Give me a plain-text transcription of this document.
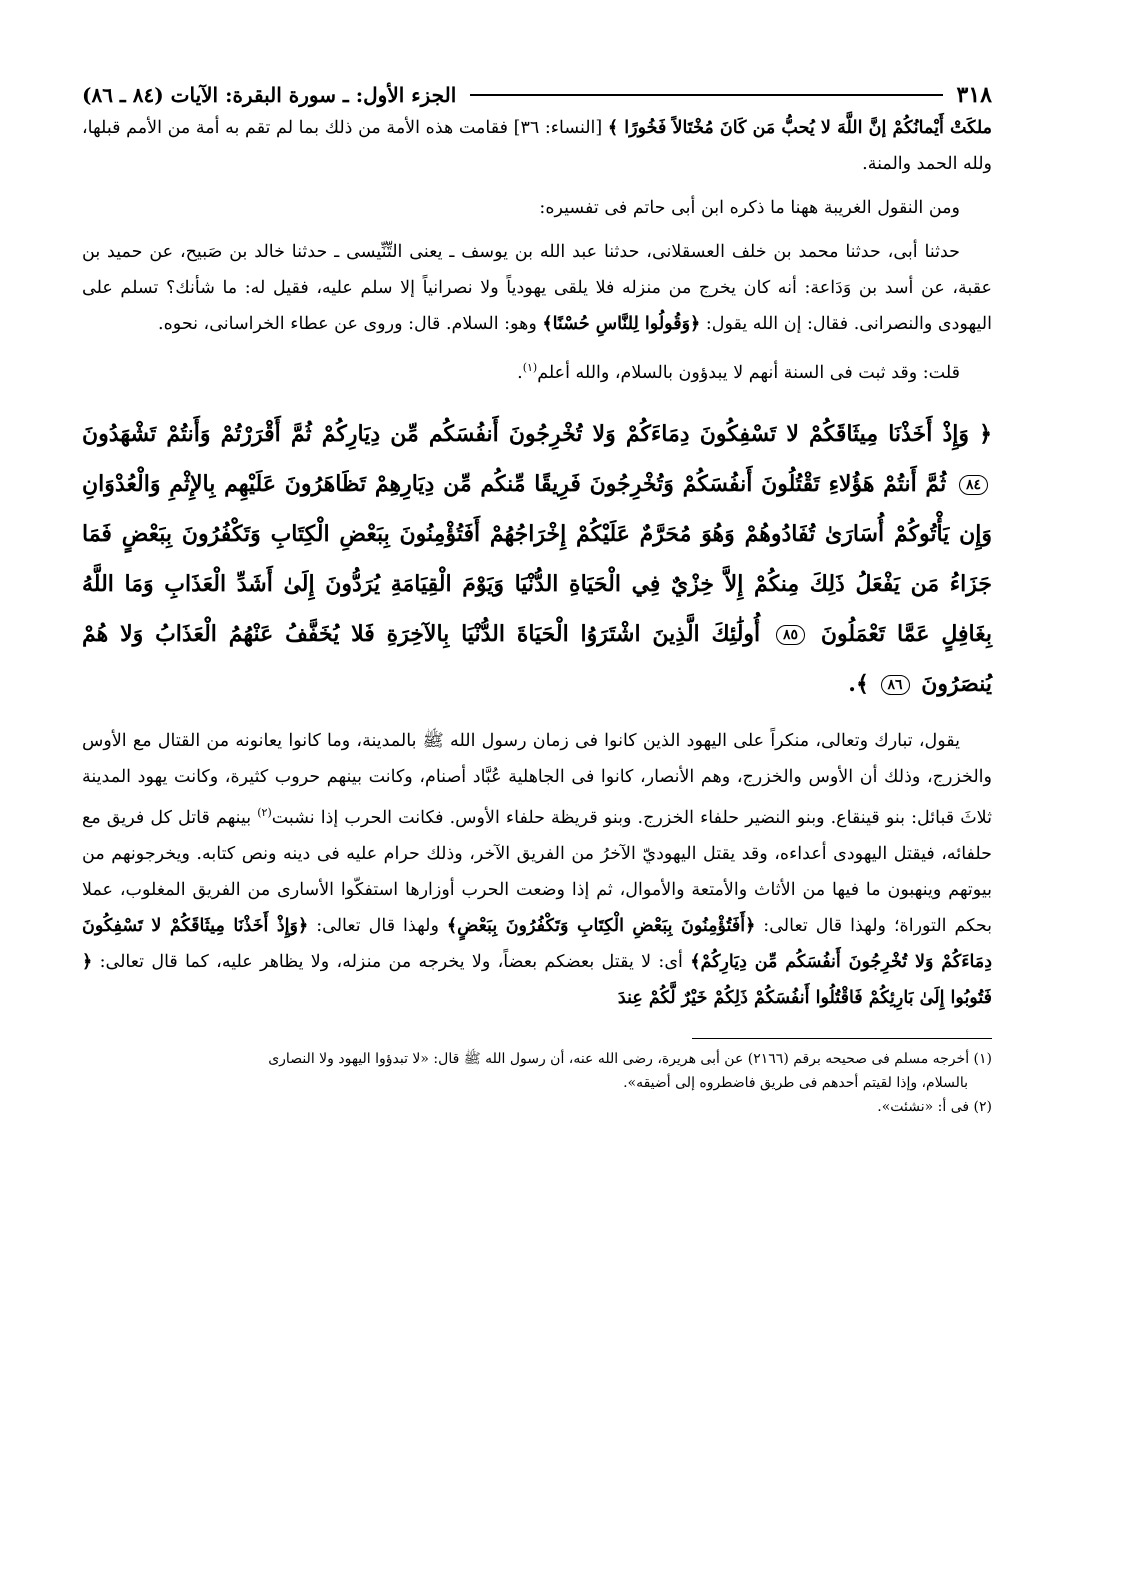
٣١٨
الجزء الأول: ـ سورة البقرة: الآيات (٨٤ ـ ٨٦)

ملكَتْ أَيْمانُكُمْ إنَّ اللَّهَ لا يُحبُّ مَن كَانَ مُخْتَالاً فَخُورًا ﴾ [النساء: ٣٦] فقامت هذه الأمة من ذلك بما لم تقم به أمة من الأمم قبلها، ولله الحمد والمنة.

ومن النقول الغريبة ههنا ما ذكره ابن أبى حاتم فى تفسيره:

حدثنا أبى، حدثنا محمد بن خلف العسقلانى، حدثنا عبد الله بن يوسف ـ يعنى التِّنِّيسى ـ حدثنا خالد بن صَبيح، عن حميد بن عقبة، عن أسد بن وَدَاعة: أنه كان يخرج من منزله فلا يلقى يهودياً ولا نصرانياً إلا سلم عليه، فقيل له: ما شأنك؟ تسلم على اليهودى والنصرانى. فقال: إن الله يقول: ﴿وَقُولُوا لِلنَّاسِ حُسْنًا﴾ وهو: السلام. قال: وروى عن عطاء الخراسانى، نحوه.

قلت: وقد ثبت فى السنة أنهم لا يبدؤون بالسلام، والله أعلم$^{(١)}$.

﴿ وَإِذْ أَخَذْنَا مِيثَاقَكُمْ لا تَسْفِكُونَ دِمَاءَكُمْ وَلا تُخْرِجُونَ أَنفُسَكُم مِّن دِيَارِكُمْ ثُمَّ أَقْرَرْتُمْ وَأَنتُمْ تَشْهَدُونَ ٨٤ ثُمَّ أَنتُمْ هَؤُلاءِ تَقْتُلُونَ أَنفُسَكُمْ وَتُخْرِجُونَ فَرِيقًا مِّنكُم مِّن دِيَارِهِمْ تَظَاهَرُونَ عَلَيْهِم بِالإِثْمِ وَالْعُدْوَانِ وَإِن يَأْتُوكُمْ أُسَارَىٰ تُفَادُوهُمْ وَهُوَ مُحَرَّمٌ عَلَيْكُمْ إِخْرَاجُهُمْ أَفَتُؤْمِنُونَ بِبَعْضِ الْكِتَابِ وَتَكْفُرُونَ بِبَعْضٍ فَمَا جَزَاءُ مَن يَفْعَلُ ذَلِكَ مِنكُمْ إِلاَّ خِزْيٌ فِي الْحَيَاةِ الدُّنْيَا وَيَوْمَ الْقِيَامَةِ يُرَدُّونَ إِلَىٰ أَشَدِّ الْعَذَابِ وَمَا اللَّهُ بِغَافِلٍ عَمَّا تَعْمَلُونَ ٨٥ أُولَٰئِكَ الَّذِينَ اشْتَرَوُا الْحَيَاةَ الدُّنْيَا بِالآخِرَةِ فَلا يُخَفَّفُ عَنْهُمُ الْعَذَابُ وَلا هُمْ يُنصَرُونَ ٨٦ ﴾.

يقول، تبارك وتعالى، منكراً على اليهود الذين كانوا فى زمان رسول الله ﷺ بالمدينة، وما كانوا يعانونه من القتال مع الأوس والخزرج، وذلك أن الأوس والخزرج، وهم الأنصار، كانوا فى الجاهلية عُبَّاد أصنام، وكانت بينهم حروب كثيرة، وكانت يهود المدينة ثلاثَ قبائل: بنو قينقاع. وبنو النضير حلفاء الخزرج. وبنو قريظة حلفاء الأوس. فكانت الحرب إذا نشبت$^{(٢)}$ بينهم قاتل كل فريق مع حلفائه، فيقتل اليهودى أعداءه، وقد يقتل اليهوديّ الآخرُ من الفريق الآخر، وذلك حرام عليه فى دينه ونص كتابه. ويخرجونهم من بيوتهم وينهبون ما فيها من الأثاث والأمتعة والأموال، ثم إذا وضعت الحرب أوزارها استفكّوا الأسارى من الفريق المغلوب، عملا بحكم التوراة؛ ولهذا قال تعالى: ﴿أَفَتُؤْمِنُونَ بِبَعْضِ الْكِتَابِ وَتَكْفُرُونَ بِبَعْضٍ﴾ ولهذا قال تعالى: ﴿وَإِذْ أَخَذْنَا مِيثَاقَكُمْ لا تَسْفِكُونَ دِمَاءَكُمْ وَلا تُخْرِجُونَ أَنفُسَكُم مِّن دِيَارِكُمْ﴾ أى: لا يقتل بعضكم بعضاً، ولا يخرجه من منزله، ولا يظاهر عليه، كما قال تعالى: ﴿ فَتُوبُوا إِلَىٰ بَارِئِكُمْ فَاقْتُلُوا أَنفُسَكُمْ ذَلِكُمْ خَيْرٌ لَّكُمْ عِندَ

(١) أخرجه مسلم فى صحيحه برقم (٢١٦٦) عن أبى هريرة، رضى الله عنه، أن رسول الله ﷺ قال: «لا تبدؤوا اليهود ولا النصارى

بالسلام، وإذا لقيتم أحدهم فى طريق فاضطروه إلى أضيقه».

(٢) فى أ: «نشئت».
